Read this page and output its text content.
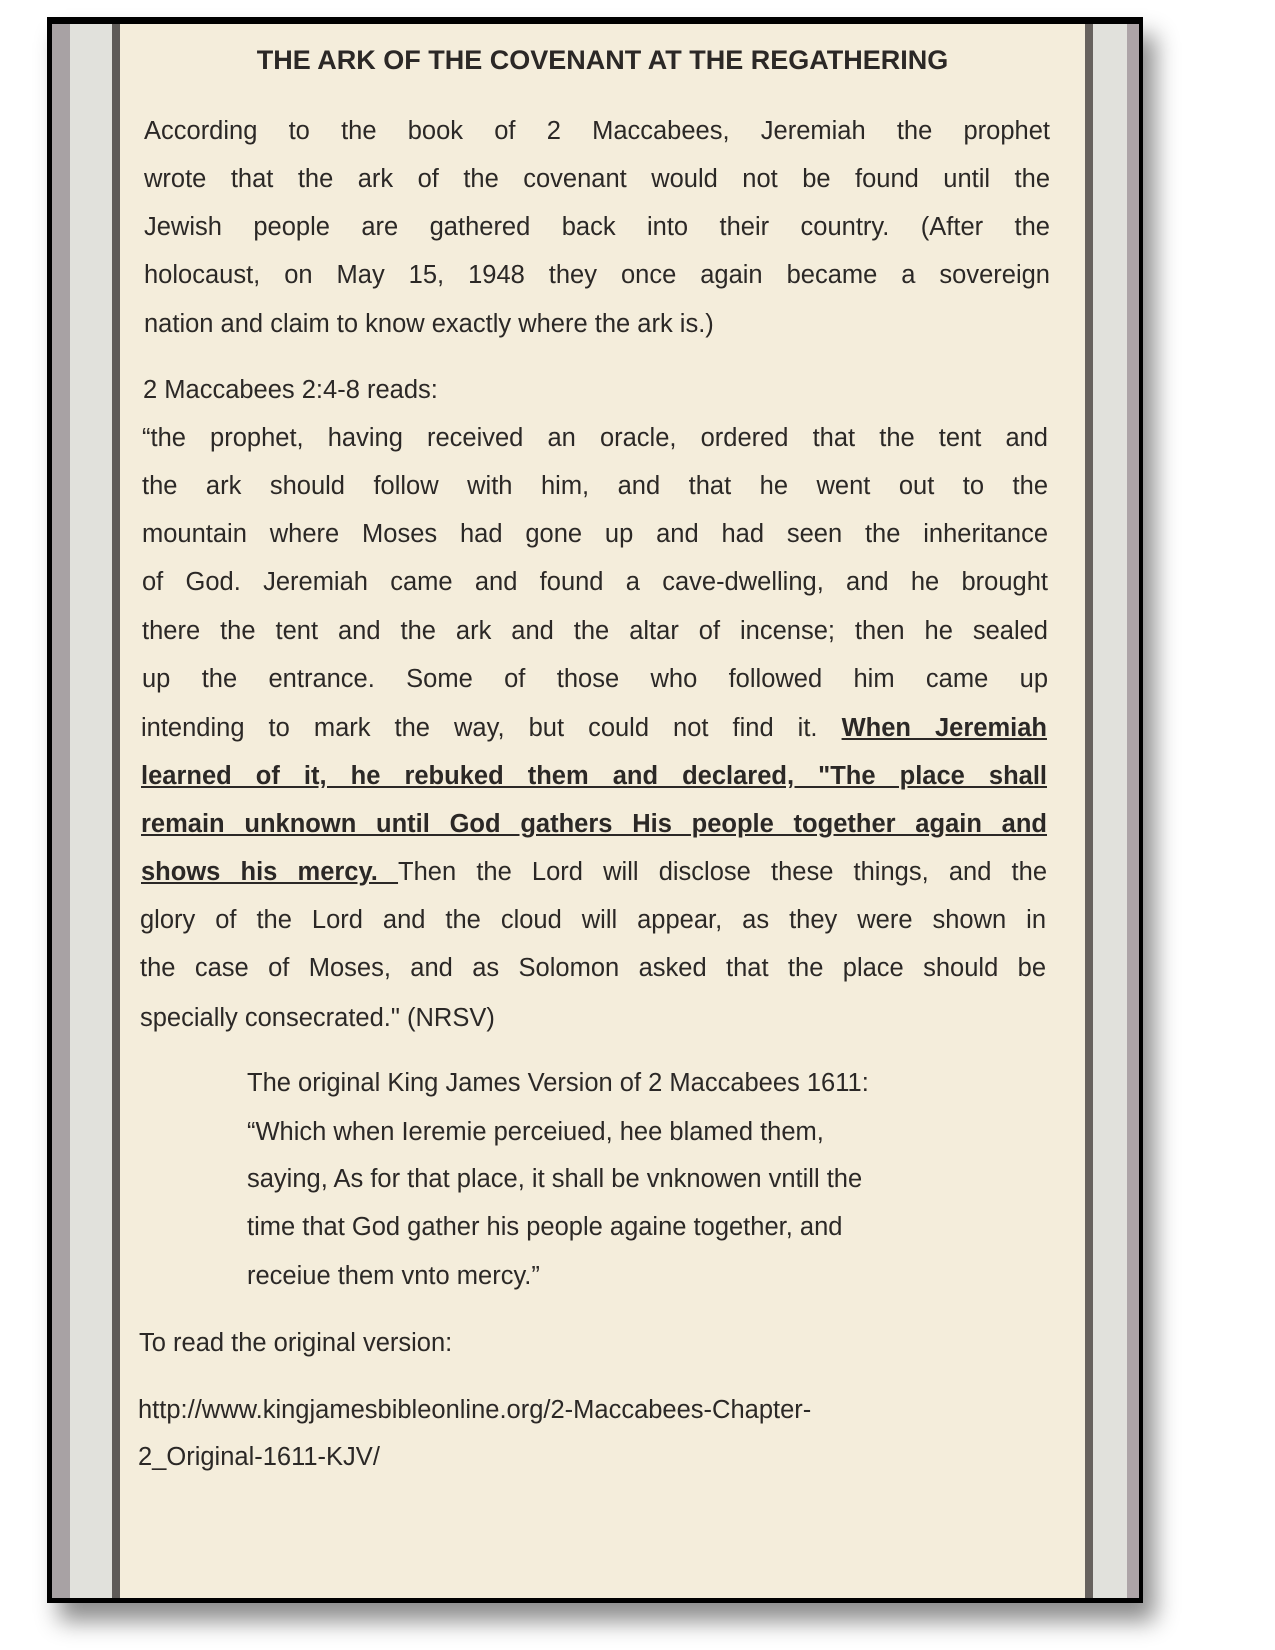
THE ARK OF THE COVENANT AT THE REGATHERING
According to the book of 2 Maccabees, Jeremiah the prophet
wrote that the ark of the covenant would not be found until the
Jewish people are gathered back into their country. (After the
holocaust, on May 15, 1948 they once again became a sovereign
nation and claim to know exactly where the ark is.)
2 Maccabees 2:4-8 reads:
“the prophet, having received an oracle, ordered that the tent and
the ark should follow with him, and that he went out to the
mountain where Moses had gone up and had seen the inheritance
of God. Jeremiah came and found a cave-dwelling, and he brought
there the tent and the ark and the altar of incense; then he sealed
up the entrance. Some of those who followed him came up
intending to mark the way, but could not find it. When Jeremiah
learned of it, he rebuked them and declared, "The place shall
remain unknown until God gathers His people together again and
shows his mercy. Then the Lord will disclose these things, and the
glory of the Lord and the cloud will appear, as they were shown in
the case of Moses, and as Solomon asked that the place should be
specially consecrated." (NRSV)
The original King James Version of 2 Maccabees 1611:
“Which when Ieremie perceiued, hee blamed them,
saying, As for that place, it shall be vnknowen vntill the
time that God gather his people againe together, and
receiue them vnto mercy.”
To read the original version:
http://www.kingjamesbibleonline.org/2-Maccabees-Chapter-
2_Original-1611-KJV/
